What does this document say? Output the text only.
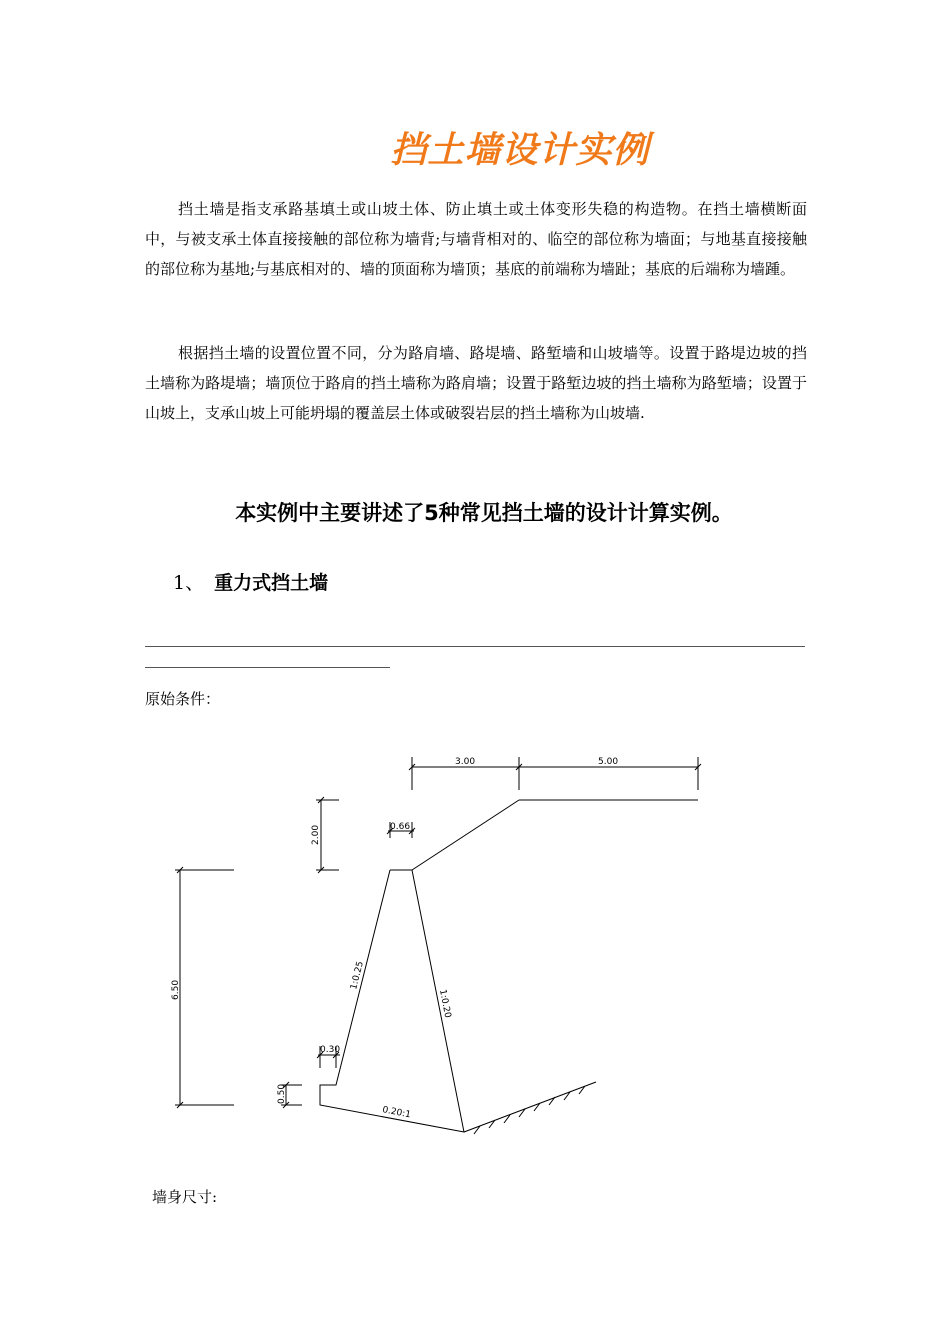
挡土墙设计实例
挡土墙是指支承路基填土或山坡土体、防止填土或土体变形失稳的构造物。在挡土墙横断面中，与被支承土体直接接触的部位称为墙背;与墙背相对的、临空的部位称为墙面；与地基直接接触的部位称为基地;与基底相对的、墙的顶面称为墙顶；基底的前端称为墙趾；基底的后端称为墙踵。
根据挡土墙的设置位置不同，分为路肩墙、路堤墙、路堑墙和山坡墙等。设置于路堤边坡的挡土墙称为路堤墙；墙顶位于路肩的挡土墙称为路肩墙；设置于路堑边坡的挡土墙称为路堑墙；设置于山坡上，支承山坡上可能坍塌的覆盖层土体或破裂岩层的挡土墙称为山坡墙.
本实例中主要讲述了5种常见挡土墙的设计计算实例。
1、 重力式挡土墙
原始条件：
3.00	5.00
2.00	0.66
6.50
0.30
0.50
1:0.25
1:0.20
0.20:1
墙身尺寸:
